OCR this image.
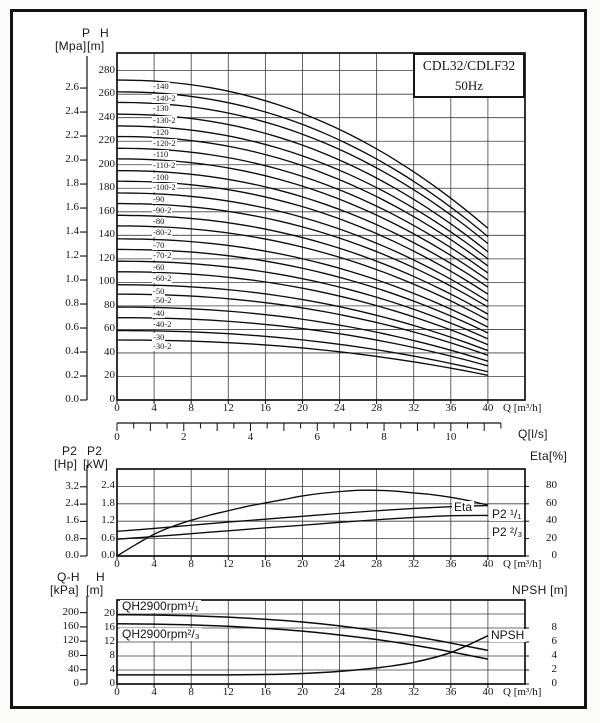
P H
[Mpa] [m]
Q [m³/h]
Q[l/s]
P2 P2
[Hp] [kW]
Eta[%]
Q [m³/h]
Q-H H
[kPa] [m]	NPSH [m]
Q [m³/h]
0.0
0.2
0.4
0.6
0.8
1.0
1.2
1.4
1.6
1.8
2.0
2.2
2.4
2.6
0
20
40
60
80
100
120
140
160
180
200
220
240
260
280
0	4	8	12	16	20	24	28	32	36	40
-140
-140-2
-130
-130-2
-120
-120-2
-110
-110-2
-100
-100-2
-90
-90-2
-80
-80-2
-70
-70-2
-60
-60-2
-50
-50-2
-40
-40-2
-30
-30-2
0	2	4	6	8	10
0.0
0.8
1.6
2.4
3.2
0.0
0.6
1.2
1.8
2.4	80
60
40
20
0
0	4	8	12	16	20	24	28	32	36	40
Eta P2 ¹/₁
P2 ²/₃
0
40
80
120
160
200
0
4
8
12
16
20
8
6
4
2
0
0	4	8	12	16	20	24	28	32	36	40
QH2900rpm¹/₁
QH2900rpm²/₃	NPSH
CDL32/CDLF32
50Hz
